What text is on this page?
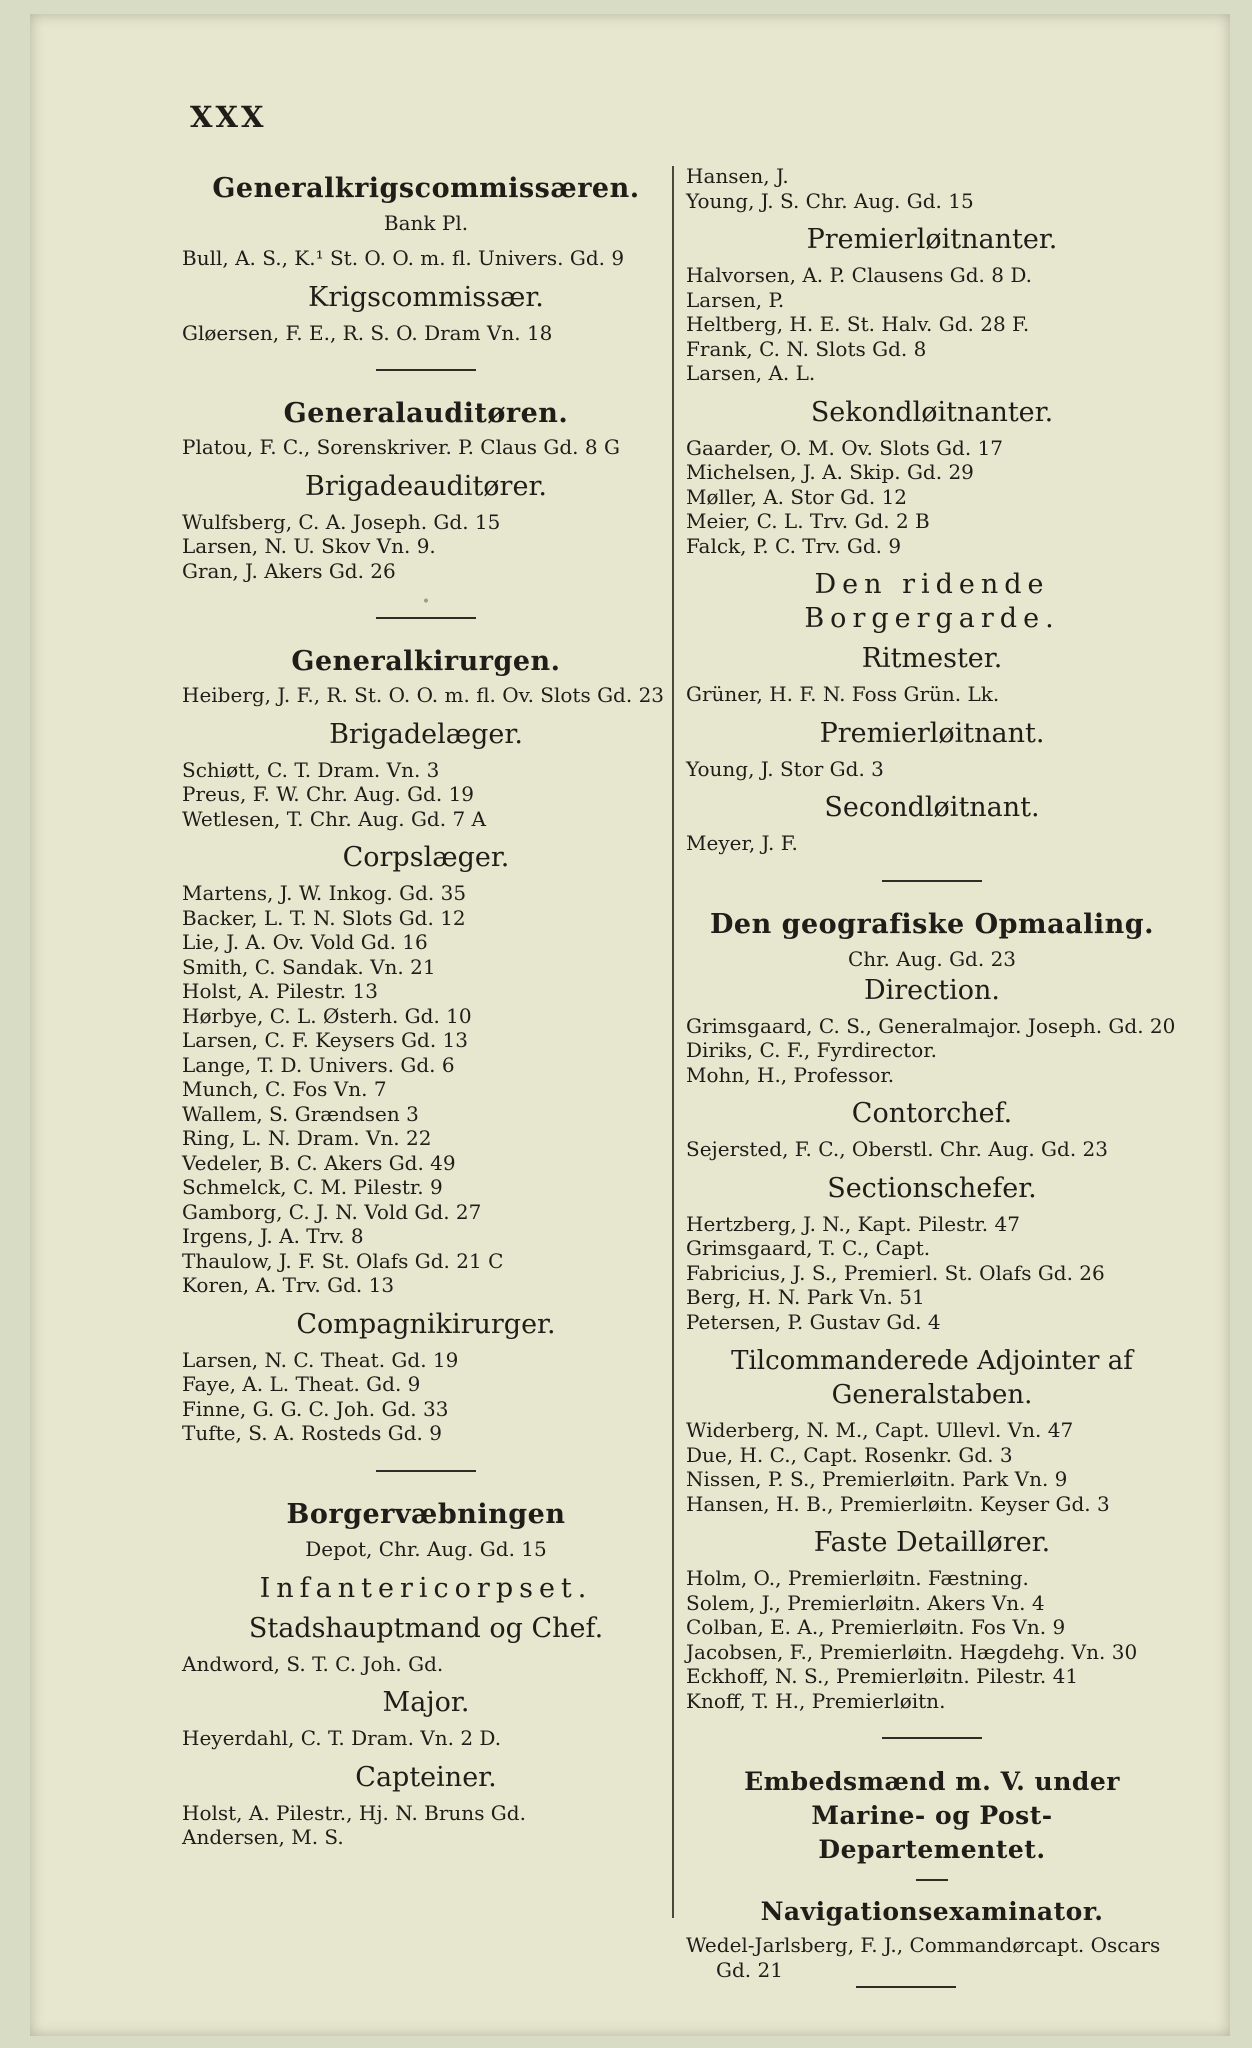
XXX
Generalkrigscommissæren.
Bank Pl.
Bull, A. S., K.¹ St. O. O. m. fl. Univers. Gd. 9
Krigscommissær.
Gløersen, F. E., R. S. O. Dram Vn. 18
Generalauditøren.
Platou, F. C., Sorenskriver. P. Claus Gd. 8 G
Brigadeauditører.
Wulfsberg, C. A. Joseph. Gd. 15
Larsen, N. U. Skov Vn. 9.
Gran, J. Akers Gd. 26
•
Generalkirurgen.
Heiberg, J. F., R. St. O. O. m. fl. Ov. Slots Gd. 23
Brigadelæger.
Schiøtt, C. T. Dram. Vn. 3
Preus, F. W. Chr. Aug. Gd. 19
Wetlesen, T. Chr. Aug. Gd. 7 A
Corpslæger.
Martens, J. W. Inkog. Gd. 35
Backer, L. T. N. Slots Gd. 12
Lie, J. A. Ov. Vold Gd. 16
Smith, C. Sandak. Vn. 21
Holst, A. Pilestr. 13
Hørbye, C. L. Østerh. Gd. 10
Larsen, C. F. Keysers Gd. 13
Lange, T. D. Univers. Gd. 6
Munch, C. Fos Vn. 7
Wallem, S. Grændsen 3
Ring, L. N. Dram. Vn. 22
Vedeler, B. C. Akers Gd. 49
Schmelck, C. M. Pilestr. 9
Gamborg, C. J. N. Vold Gd. 27
Irgens, J. A. Trv. 8
Thaulow, J. F. St. Olafs Gd. 21 C
Koren, A. Trv. Gd. 13
Compagnikirurger.
Larsen, N. C. Theat. Gd. 19
Faye, A. L. Theat. Gd. 9
Finne, G. G. C. Joh. Gd. 33
Tufte, S. A. Rosteds Gd. 9
Borgervæbningen
Depot, Chr. Aug. Gd. 15
Infantericorpset.
Stadshauptmand og Chef.
Andword, S. T. C. Joh. Gd.
Major.
Heyerdahl, C. T. Dram. Vn. 2 D.
Capteiner.
Holst, A. Pilestr., Hj. N. Bruns Gd.
Andersen, M. S.
Hansen, J.
Young, J. S. Chr. Aug. Gd. 15
Premierløitnanter.
Halvorsen, A. P. Clausens Gd. 8 D.
Larsen, P.
Heltberg, H. E. St. Halv. Gd. 28 F.
Frank, C. N. Slots Gd. 8
Larsen, A. L.
Sekondløitnanter.
Gaarder, O. M. Ov. Slots Gd. 17
Michelsen, J. A. Skip. Gd. 29
Møller, A. Stor Gd. 12
Meier, C. L. Trv. Gd. 2 B
Falck, P. C. Trv. Gd. 9
Den ridende Borgergarde.
Ritmester.
Grüner, H. F. N. Foss Grün. Lk.
Premierløitnant.
Young, J. Stor Gd. 3
Secondløitnant.
Meyer, J. F.
Den geografiske Opmaaling.
Chr. Aug. Gd. 23
Direction.
Grimsgaard, C. S., Generalmajor. Joseph. Gd. 20
Diriks, C. F., Fyrdirector.
Mohn, H., Professor.
Contorchef.
Sejersted, F. C., Oberstl. Chr. Aug. Gd. 23
Sectionschefer.
Hertzberg, J. N., Kapt. Pilestr. 47
Grimsgaard, T. C., Capt.
Fabricius, J. S., Premierl. St. Olafs Gd. 26
Berg, H. N. Park Vn. 51
Petersen, P. Gustav Gd. 4
Tilcommanderede Adjointer af Generalstaben.
Widerberg, N. M., Capt. Ullevl. Vn. 47
Due, H. C., Capt. Rosenkr. Gd. 3
Nissen, P. S., Premierløitn. Park Vn. 9
Hansen, H. B., Premierløitn. Keyser Gd. 3
Faste Detaillører.
Holm, O., Premierløitn. Fæstning.
Solem, J., Premierløitn. Akers Vn. 4
Colban, E. A., Premierløitn. Fos Vn. 9
Jacobsen, F., Premierløitn. Hægdehg. Vn. 30
Eckhoff, N. S., Premierløitn. Pilestr. 41
Knoff, T. H., Premierløitn.
Embedsmænd m. V. under Marine- og Post-Departementet.
Navigationsexaminator.
Wedel-Jarlsberg, F. J., Commandørcapt. Oscars Gd. 21
